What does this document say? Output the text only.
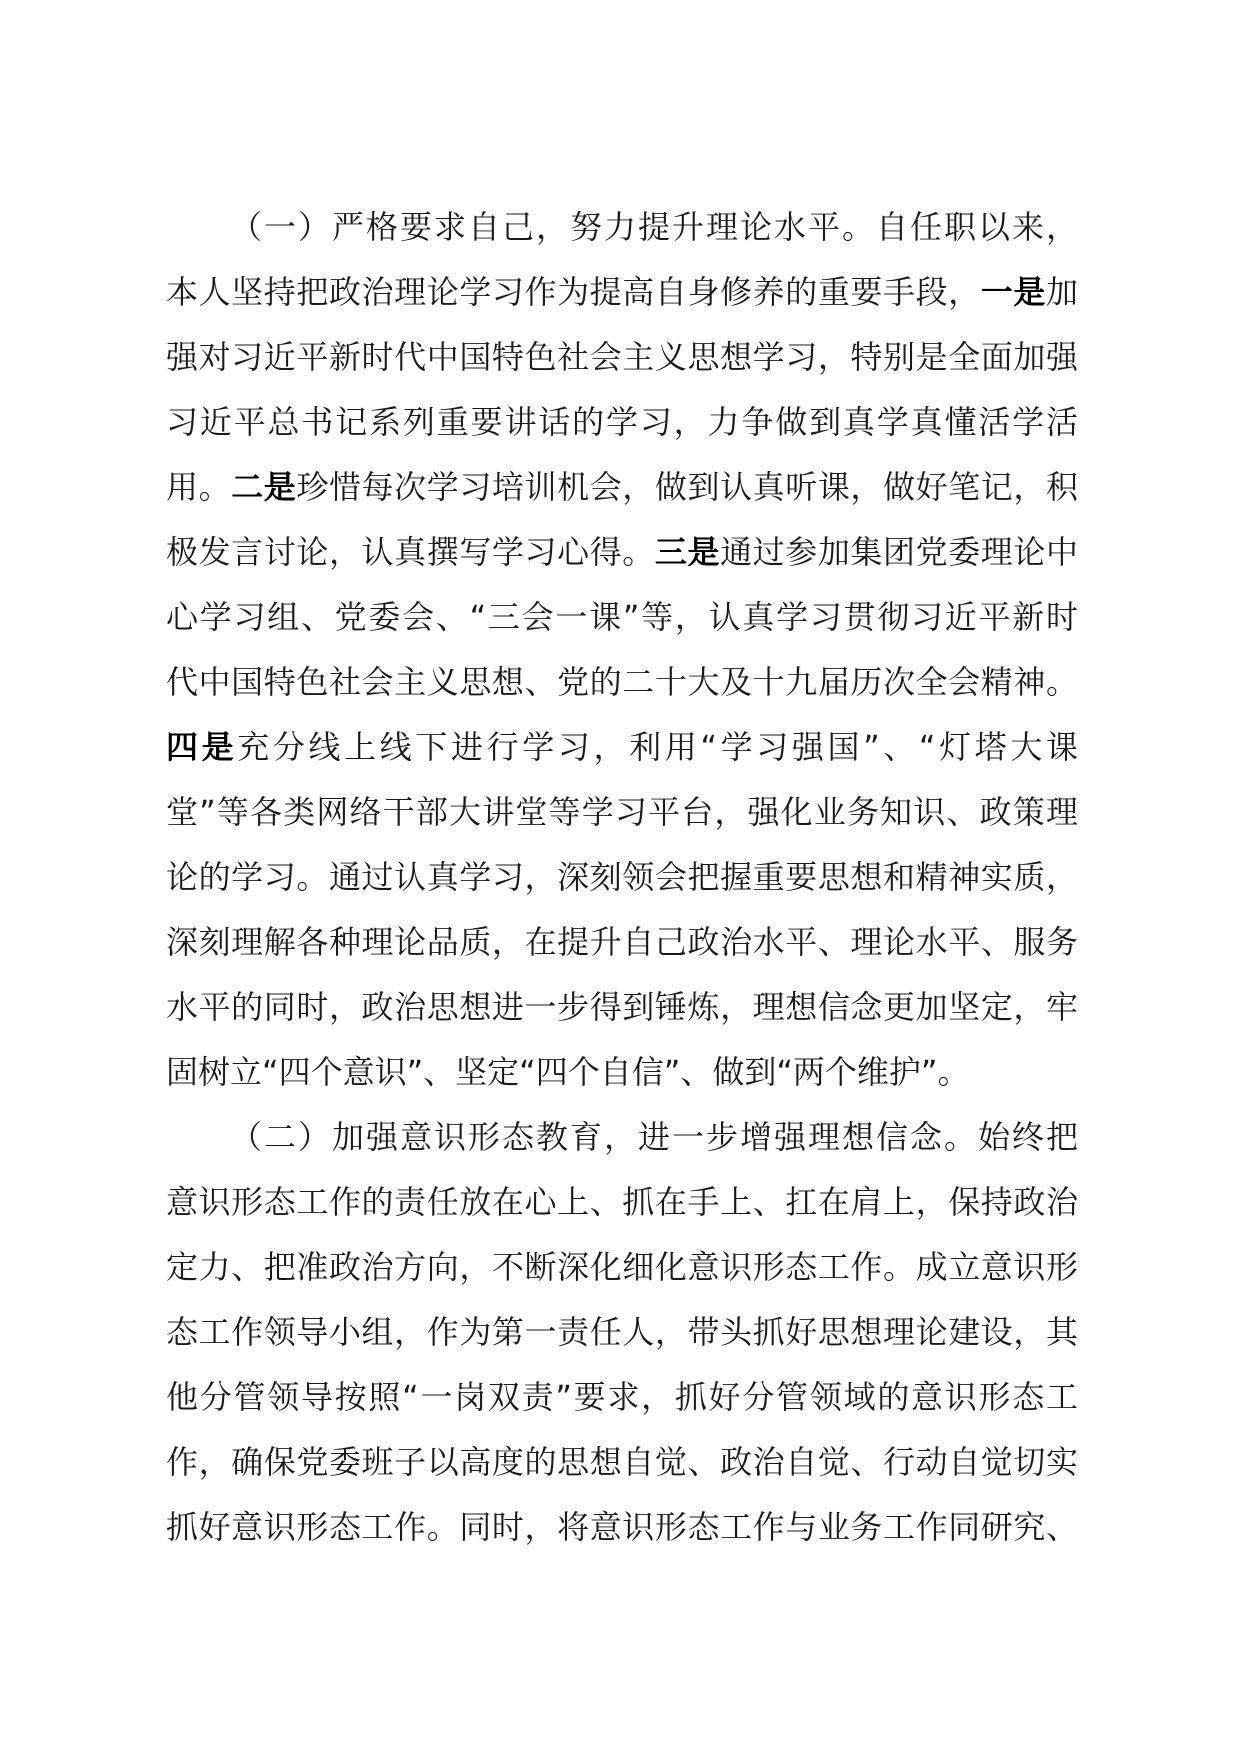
（一）严格要求自己，努力提升理论水平。自任职以来，
本人坚持把政治理论学习作为提高自身修养的重要手段，一是加
强对习近平新时代中国特色社会主义思想学习，特别是全面加强
习近平总书记系列重要讲话的学习，力争做到真学真懂活学活
用。二是珍惜每次学习培训机会，做到认真听课，做好笔记，积
极发言讨论，认真撰写学习心得。三是通过参加集团党委理论中
心学习组、党委会、“三会一课”等，认真学习贯彻习近平新时
代中国特色社会主义思想、党的二十大及十九届历次全会精神。
四是充分线上线下进行学习，利用“学习强国”、“灯塔大课
堂”等各类网络干部大讲堂等学习平台，强化业务知识、政策理
论的学习。通过认真学习，深刻领会把握重要思想和精神实质，
深刻理解各种理论品质，在提升自己政治水平、理论水平、服务
水平的同时，政治思想进一步得到锤炼，理想信念更加坚定，牢
固树立“四个意识”、坚定“四个自信”、做到“两个维护”。
（二）加强意识形态教育，进一步增强理想信念。始终把
意识形态工作的责任放在心上、抓在手上、扛在肩上，保持政治
定力、把准政治方向，不断深化细化意识形态工作。成立意识形
态工作领导小组，作为第一责任人，带头抓好思想理论建设，其
他分管领导按照“一岗双责”要求，抓好分管领域的意识形态工
作，确保党委班子以高度的思想自觉、政治自觉、行动自觉切实
抓好意识形态工作。同时，将意识形态工作与业务工作同研究、
